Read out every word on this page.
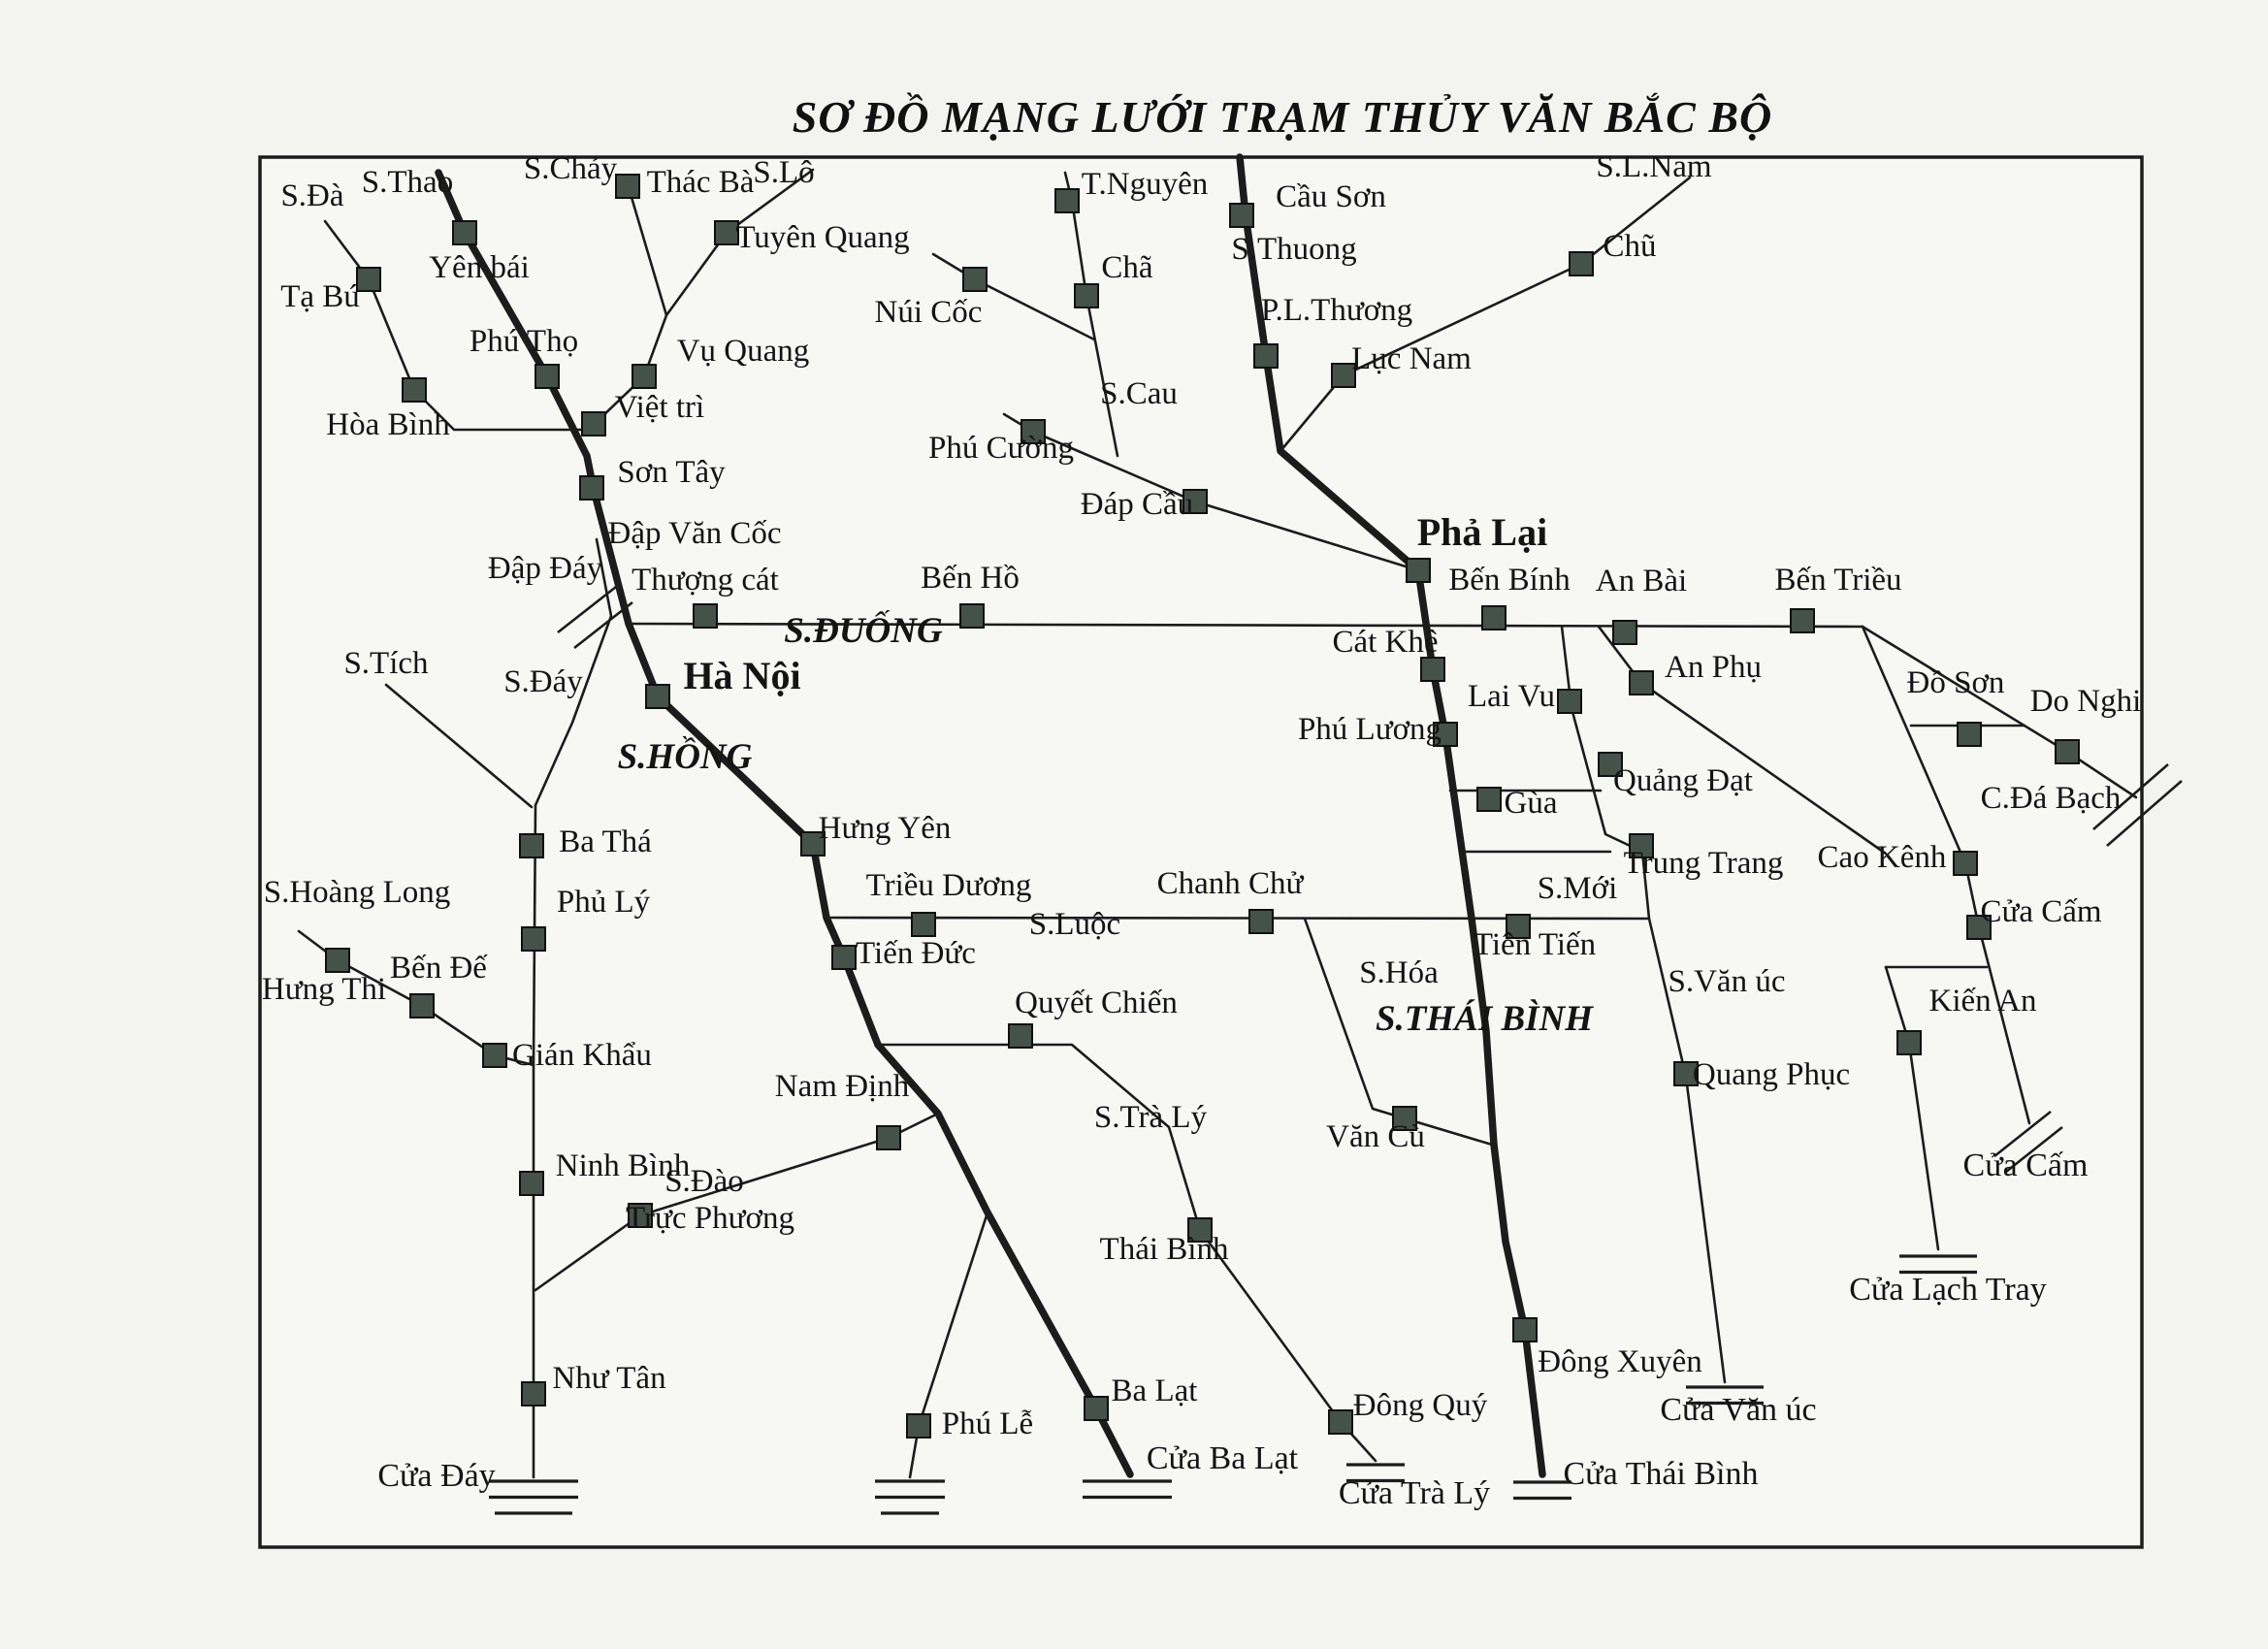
SƠ ĐỒ MẠNG LƯỚI TRẠM THỦY VĂN BẮC BỘ
Tạ Bú
Hòa Bình
Yên bái
Thác Bà
Tuyên Quang
Phú Thọ	Vụ Quang
Việt trì
Sơn Tây
Núi Cốc
T.Nguyên
Chã
Phú Cường
Đáp Cầu
Cầu Sơn
P.L.Thương
Lục Nam
Chũ
Phả Lại
Thượng cát	Bến Hồ
Hà Nội
Bến Bính An Bài	Bến Triều
Cát Khê
An Phụ
Lai Vu
Phú Lương
Quảng Đạt
Gùa
Trung Trang
Đồ Sơn
Do Nghi
Cao Kênh
Cửa Cấm
Kiến An
Quang Phục
Ba Thá	Hưng Yên
Phủ Lý	Triều Dương	Chanh Chử
Tiên Tiến
Tiến Đức
Hưng Thi
Bến Đế
Gián Khẩu
Quyết Chiến
Nam Định
Ninh Bình
Trực Phương
Văn Cù
Thái Bình
Đông Xuyên
Như Tân
Phú Lễ
Ba Lạt	Đông Quý
S.Đà S.Thao S.Chảy	S.Lô
S.Cau
S.Thuong
S.L.Nam
Đập Đáy
Đập Văn Cốc
S.Tích
S.Đáy
S.HỒNG
S.ĐUỐNG
S.Hoàng Long
S.Luộc
S.Mới
S.Hóa
S.THÁI BÌNH
S.Trà Lý
S.Đào
S.Văn úc
C.Đá Bạch
Cửa Đáy	Cửa Ba Lạt
Cửa Trà Lý
Cửa Thái Bình
Cửa Văn úc
Cửa Lạch Tray
Cửa Cấm
